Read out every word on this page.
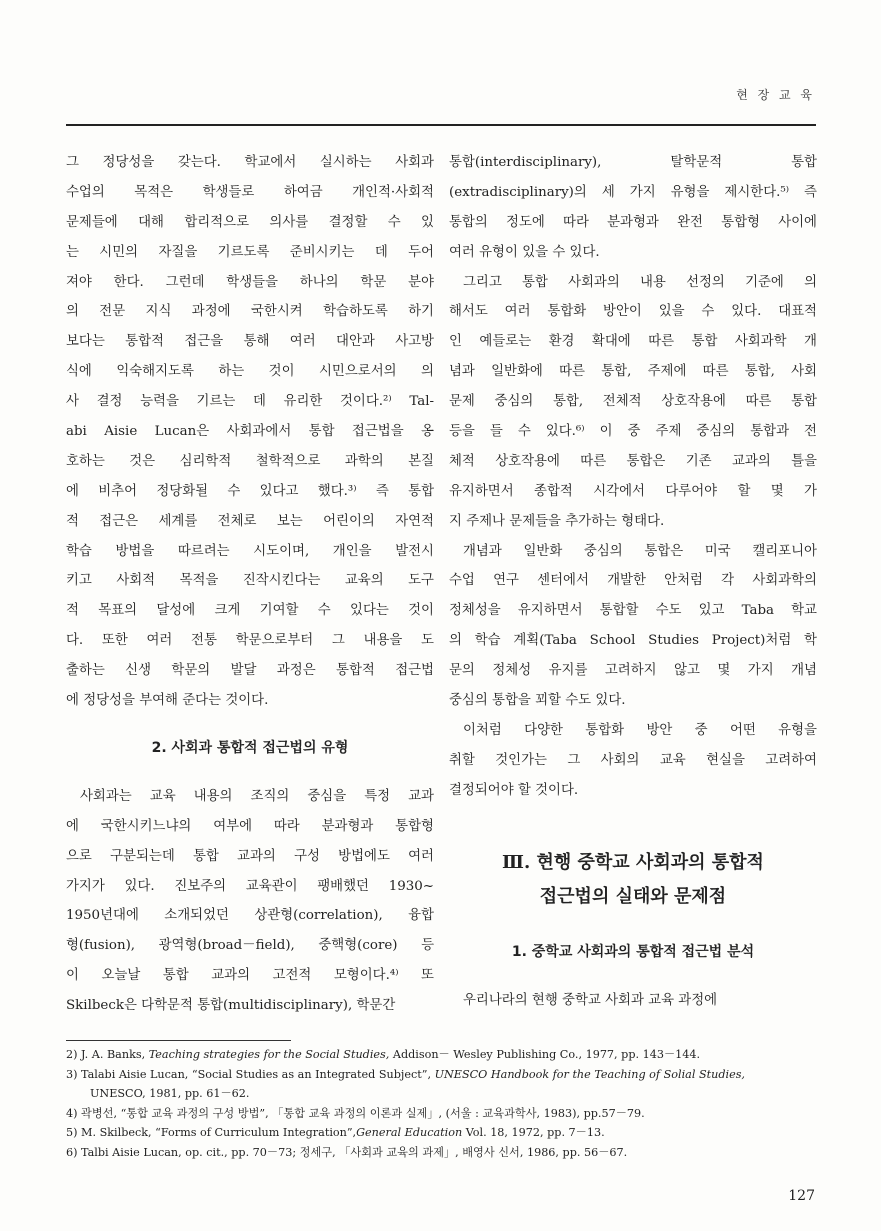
현 장 교 육

그 정당성을 갖는다. 학교에서 실시하는 사회과
수업의 목적은 학생들로 하여금 개인적·사회적
문제들에 대해 합리적으로 의사를 결정할 수 있
는 시민의 자질을 기르도록 준비시키는 데 두어
져야 한다. 그런데 학생들을 하나의 학문 분야
의 전문 지식 과정에 국한시켜 학습하도록 하기
보다는 통합적 접근을 통해 여러 대안과 사고방
식에 익숙해지도록 하는 것이 시민으로서의 의
사 결정 능력을 기르는 데 유리한 것이다.²⁾ Tal-
abi Aisie Lucan은 사회과에서 통합 접근법을 옹
호하는 것은 심리학적 철학적으로 과학의 본질
에 비추어 정당화될 수 있다고 했다.³⁾ 즉 통합
적 접근은 세계를 전체로 보는 어린이의 자연적
학습 방법을 따르려는 시도이며, 개인을 발전시
키고 사회적 목적을 진작시킨다는 교육의 도구
적 목표의 달성에 크게 기여할 수 있다는 것이
다. 또한 여러 전통 학문으로부터 그 내용을 도
출하는 신생 학문의 발달 과정은 통합적 접근법
에 정당성을 부여해 준다는 것이다.

2. 사회과 통합적 접근법의 유형

사회과는 교육 내용의 조직의 중심을 특정 교과
에 국한시키느냐의 여부에 따라 분과형과 통합형
으로 구분되는데 통합 교과의 구성 방법에도 여러
가지가 있다. 진보주의 교육관이 팽배했던 1930~
1950년대에 소개되었던 상관형(correlation), 융합
형(fusion), 광역형(broad－field), 중핵형(core) 등
이 오늘날 통합 교과의 고전적 모형이다.⁴⁾ 또
Skilbeck은 다학문적 통합(multidisciplinary), 학문간

통합(interdisciplinary), 탈학문적 통합
(extradisciplinary)의 세 가지 유형을 제시한다.⁵⁾ 즉
통합의 정도에 따라 분과형과 완전 통합형 사이에
여러 유형이 있을 수 있다.

그리고 통합 사회과의 내용 선정의 기준에 의
해서도 여러 통합화 방안이 있을 수 있다. 대표적
인 예들로는 환경 확대에 따른 통합 사회과학 개
념과 일반화에 따른 통합, 주제에 따른 통합, 사회
문제 중심의 통합, 전체적 상호작용에 따른 통합
등을 들 수 있다.⁶⁾ 이 중 주제 중심의 통합과 전
체적 상호작용에 따른 통합은 기존 교과의 틀을
유지하면서 종합적 시각에서 다루어야 할 몇 가
지 주제나 문제들을 추가하는 형태다.

개념과 일반화 중심의 통합은 미국 캘리포니아
수업 연구 센터에서 개발한 안처럼 각 사회과학의
정체성을 유지하면서 통합할 수도 있고 Taba 학교
의 학습 계획(Taba School Studies Project)처럼 학
문의 정체성 유지를 고려하지 않고 몇 가지 개념
중심의 통합을 꾀할 수도 있다.

이처럼 다양한 통합화 방안 중 어떤 유형을
취할 것인가는 그 사회의 교육 현실을 고려하여
결정되어야 할 것이다.

Ⅲ. 현행 중학교 사회과의 통합적
접근법의 실태와 문제점
1. 중학교 사회과의 통합적 접근법 분석

우리나라의 현행 중학교 사회과 교육 과정에

2) J. A. Banks, Teaching strategies for the Social Studies, Addison－ Wesley Publishing Co., 1977, pp. 143－144.
3) Talabi Aisie Lucan, “Social Studies as an Integrated Subject”, UNESCO Handbook for the Teaching of Solial Studies,
UNESCO, 1981, pp. 61－62.
4) 곽병선, “통합 교육 과정의 구성 방법”, 「통합 교육 과정의 이론과 실제」, (서울 : 교육과학사, 1983), pp.57－79.
5) M. Skilbeck, “Forms of Curriculum Integration”,General Education Vol. 18, 1972, pp. 7－13.
6) Talbi Aisie Lucan, op. cit., pp. 70－73; 정세구, 「사회과 교육의 과제」, 배영사 신서, 1986, pp. 56－67.
127
